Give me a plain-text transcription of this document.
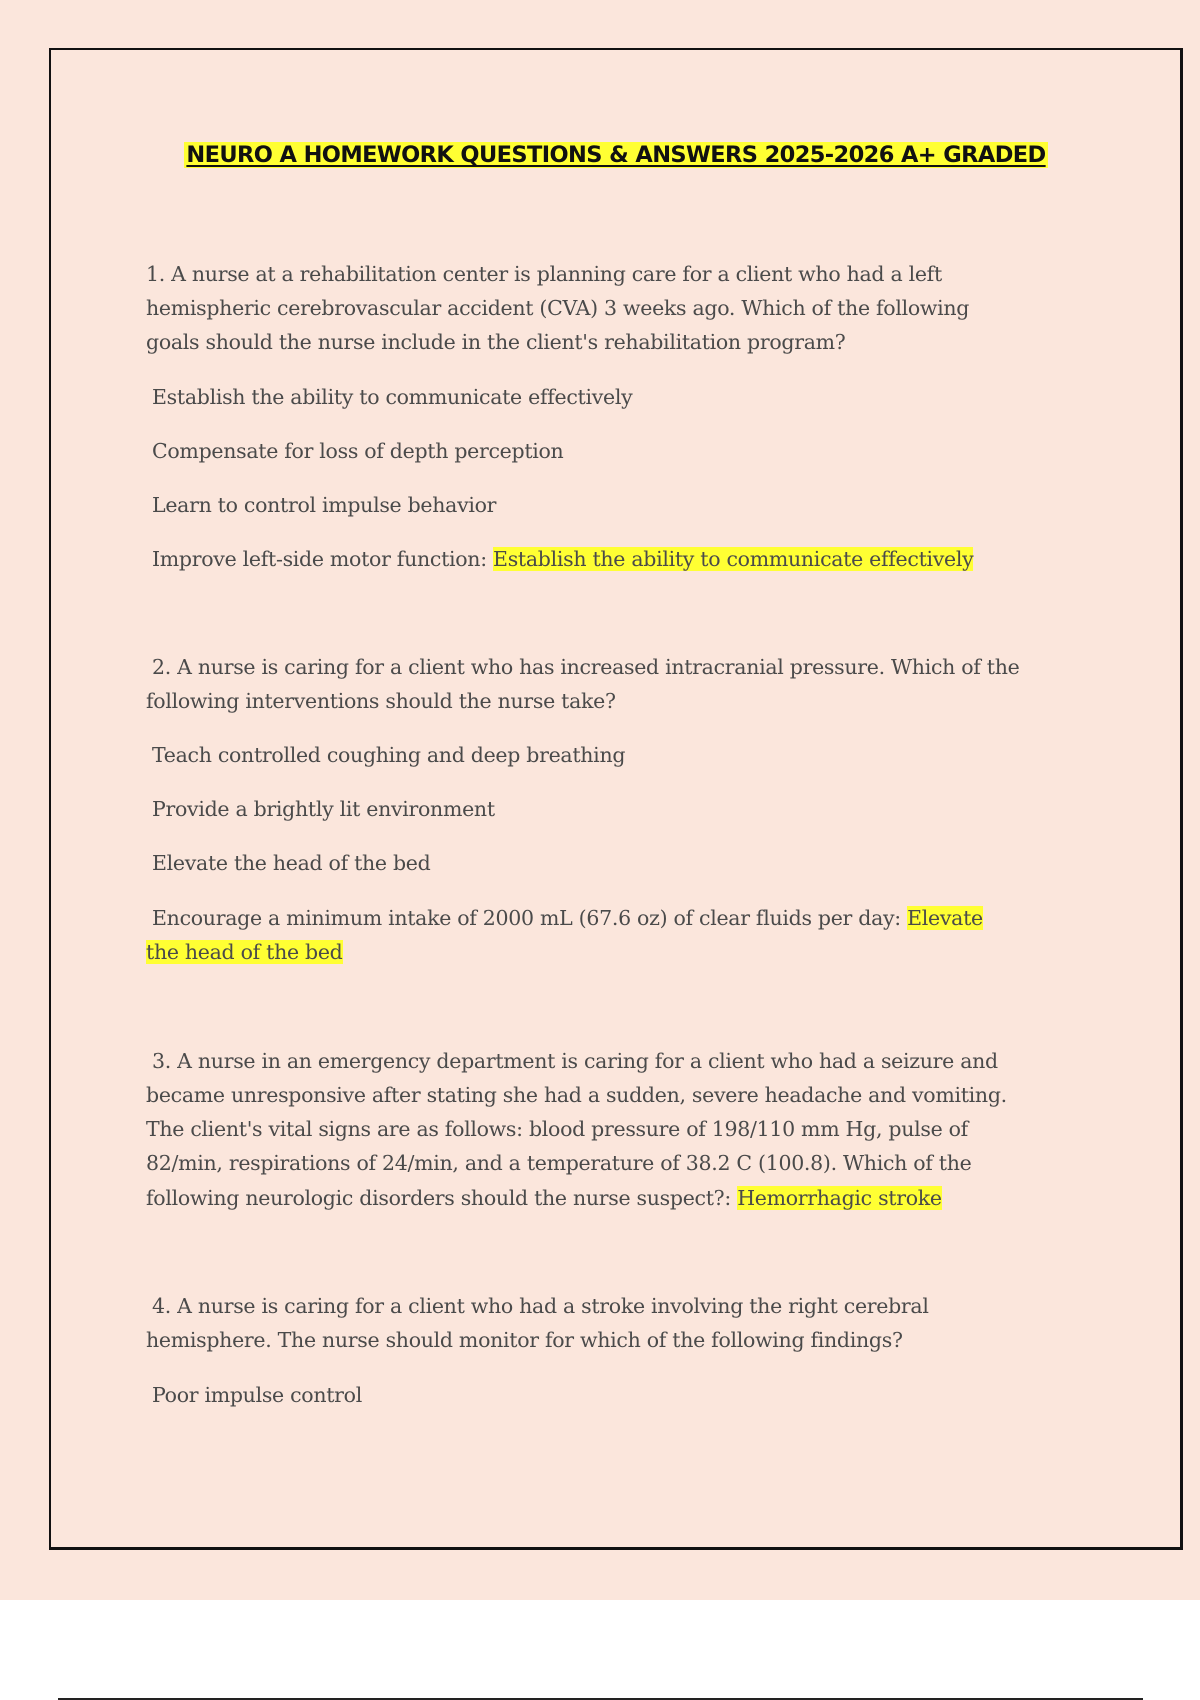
NEURO A HOMEWORK QUESTIONS & ANSWERS 2025-2026 A+ GRADED
1. A nurse at a rehabilitation center is planning care for a client who had a left
hemispheric cerebrovascular accident (CVA) 3 weeks ago. Which of the following
goals should the nurse include in the client's rehabilitation program?
Establish the ability to communicate effectively
Compensate for loss of depth perception
Learn to control impulse behavior
Improve left-side motor function: Establish the ability to communicate effectively
2. A nurse is caring for a client who has increased intracranial pressure. Which of the
following interventions should the nurse take?
Teach controlled coughing and deep breathing
Provide a brightly lit environment
Elevate the head of the bed
Encourage a minimum intake of 2000 mL (67.6 oz) of clear fluids per day: Elevate
the head of the bed
3. A nurse in an emergency department is caring for a client who had a seizure and
became unresponsive after stating she had a sudden, severe headache and vomiting.
The client's vital signs are as follows: blood pressure of 198/110 mm Hg, pulse of
82/min, respirations of 24/min, and a temperature of 38.2 C (100.8). Which of the
following neurologic disorders should the nurse suspect?: Hemorrhagic stroke
4. A nurse is caring for a client who had a stroke involving the right cerebral
hemisphere. The nurse should monitor for which of the following findings?
Poor impulse control
